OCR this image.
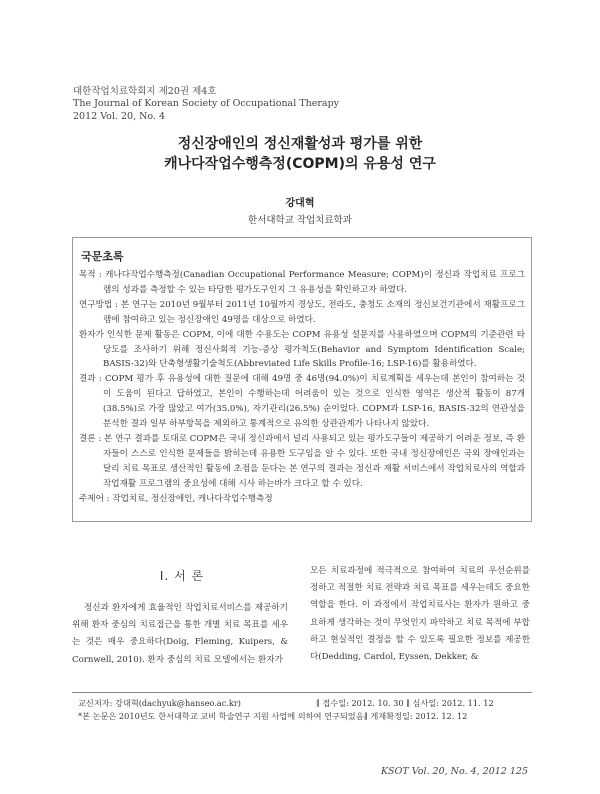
대한작업치료학회지 제20권 제4호
The Journal of Korean Society of Occupational Therapy
2012 Vol. 20, No. 4
정신장애인의 정신재활성과 평가를 위한
캐나다작업수행측정(COPM)의 유용성 연구
강대혁
한서대학교 작업치료학과
국문초록
목적 : 캐나다작업수행측정(Canadian Occupational Performance Measure; COPM)이 정신과 작업치료 프로그램의 성과를 측정할 수 있는 타당한 평가도구인지 그 유용성을 확인하고자 하였다.
연구방법 : 본 연구는 2010년 9월부터 2011년 10월까지 경상도, 전라도, 충청도 소재의 정신보건기관에서 재활프로그램에 참여하고 있는 정신장애인 49명을 대상으로 하였다.
환자가 인식한 문제 활동은 COPM, 이에 대한 수용도는 COPM 유용성 설문지를 사용하였으며 COPM의 기준관련 타당도를 조사하기 위해 정신사회적 기능-증상 평가척도(Behavior and Symptom Identification Scale; BASIS-32)와 단축형생활기술척도(Abbreviated Life Skills Profile-16; LSP-16)를 활용하였다.
결과 : COPM 평가 후 유용성에 대한 질문에 대해 49명 중 46명(94.0%)이 치료계획을 세우는데 본인이 참여하는 것이 도움이 된다고 답하였고, 본인이 수행하는데 어려움이 있는 것으로 인식한 영역은 생산적 활동이 87개(38.5%)로 가장 많았고 여가(35.0%), 자기관리(26.5%) 순이었다. COPM과 LSP-16, BASIS-32의 연관성을 분석한 결과 일부 하부항목을 제외하고 통계적으로 유의한 상관관계가 나타나지 않았다.
결론 : 본 연구 결과를 토대로 COPM은 국내 정신과에서 널리 사용되고 있는 평가도구들이 제공하기 어려운 정보, 즉 환자들이 스스로 인식한 문제들을 밝히는데 유용한 도구임을 알 수 있다. 또한 국내 정신장애인은 국외 장애인과는 달리 치료 목표로 생산적인 활동에 초점을 둔다는 본 연구의 결과는 정신과 재활 서비스에서 작업치료사의 역할과 작업재활 프로그램의 중요성에 대해 시사 하는바가 크다고 할 수 있다.
주제어 : 작업치료, 정신장애인, 캐나다작업수행측정
I. 서 론
정신과 환자에게 효율적인 작업치료서비스를 제공하기 위해 환자 중심의 치료접근을 통한 개별 치료 목표를 세우는 것은 매우 중요하다(Doig, Fleming, Kuipers, & Cornwell, 2010). 환자 중심의 치료 모델에서는 환자가
모든 치료과정에 적극적으로 참여하여 치료의 우선순위를 정하고 적절한 치료 전략과 치료 목표를 세우는데도 중요한 역할을 한다. 이 과정에서 작업치료사는 환자가 원하고 중요하게 생각하는 것이 무엇인지 파악하고 치료 목적에 부합하고 현실적인 결정을 할 수 있도록 필요한 정보를 제공한다(Dedding, Cardol, Eyssen, Dekker, &
교신저자: 강대혁(dachyuk@hanseo.ac.kr)	∥ 접수일: 2012. 10. 30 ∥ 심사일: 2012. 11. 12
*본 논문은 2010년도 한서대학교 교비 학술연구 지원 사업에 의하여 연구되었음.
∥ 게재확정일: 2012. 12. 12
KSOT Vol. 20, No. 4, 2012 125
